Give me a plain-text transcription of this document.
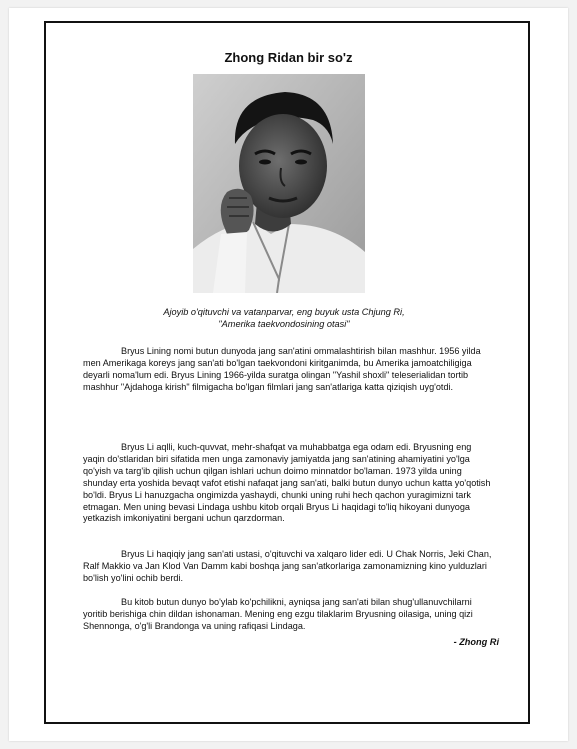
Zhong Ridan bir so'z
Ajoyib o'qituvchi va vatanparvar, eng buyuk usta Chjung Ri,
"Amerika taekvondosining otasi"
Bryus Lining nomi butun dunyoda jang san'atini ommalashtirish bilan mashhur. 1956 yilda men Amerikaga koreys jang san'ati bo'lgan taekvondoni kiritganimda, bu Amerika jamoatchiligiga deyarli noma'lum edi. Bryus Lining 1966-yilda suratga olingan "Yashil shoxli" teleserialidan tortib mashhur "Ajdahoga kirish" filmigacha bo'lgan filmlari jang san'atlariga katta qiziqish uyg'otdi.
Bryus Li aqlli, kuch-quvvat, mehr-shafqat va muhabbatga ega odam edi. Bryusning eng yaqin do'stlaridan biri sifatida men unga zamonaviy jamiyatda jang san'atining ahamiyatini yo'lga qo'yish va targ'ib qilish uchun qilgan ishlari uchun doimo minnatdor bo'laman. 1973 yilda uning shunday erta yoshida bevaqt vafot etishi nafaqat jang san'ati, balki butun dunyo uchun katta yo'qotish bo'ldi. Bryus Li hanuzgacha ongimizda yashaydi, chunki uning ruhi hech qachon yuragimizni tark etmagan. Men uning bevasi Lindaga ushbu kitob orqali Bryus Li haqidagi to'liq hikoyani dunyoga yetkazish imkoniyatini bergani uchun qarzdorman.
Bryus Li haqiqiy jang san'ati ustasi, o'qituvchi va xalqaro lider edi. U Chak Norris, Jeki Chan, Ralf Makkio va Jan Klod Van Damm kabi boshqa jang san'atkorlariga zamonamizning kino yulduzlari bo'lish yo'lini ochib berdi.
Bu kitob butun dunyo bo'ylab ko'pchilikni, ayniqsa jang san'ati bilan shug'ullanuvchilarni yoritib berishiga chin dildan ishonaman. Mening eng ezgu tilaklarim Bryusning oilasiga, uning qizi Shennonga, o'g'li Brandonga va uning rafiqasi Lindaga.
- Zhong Ri
